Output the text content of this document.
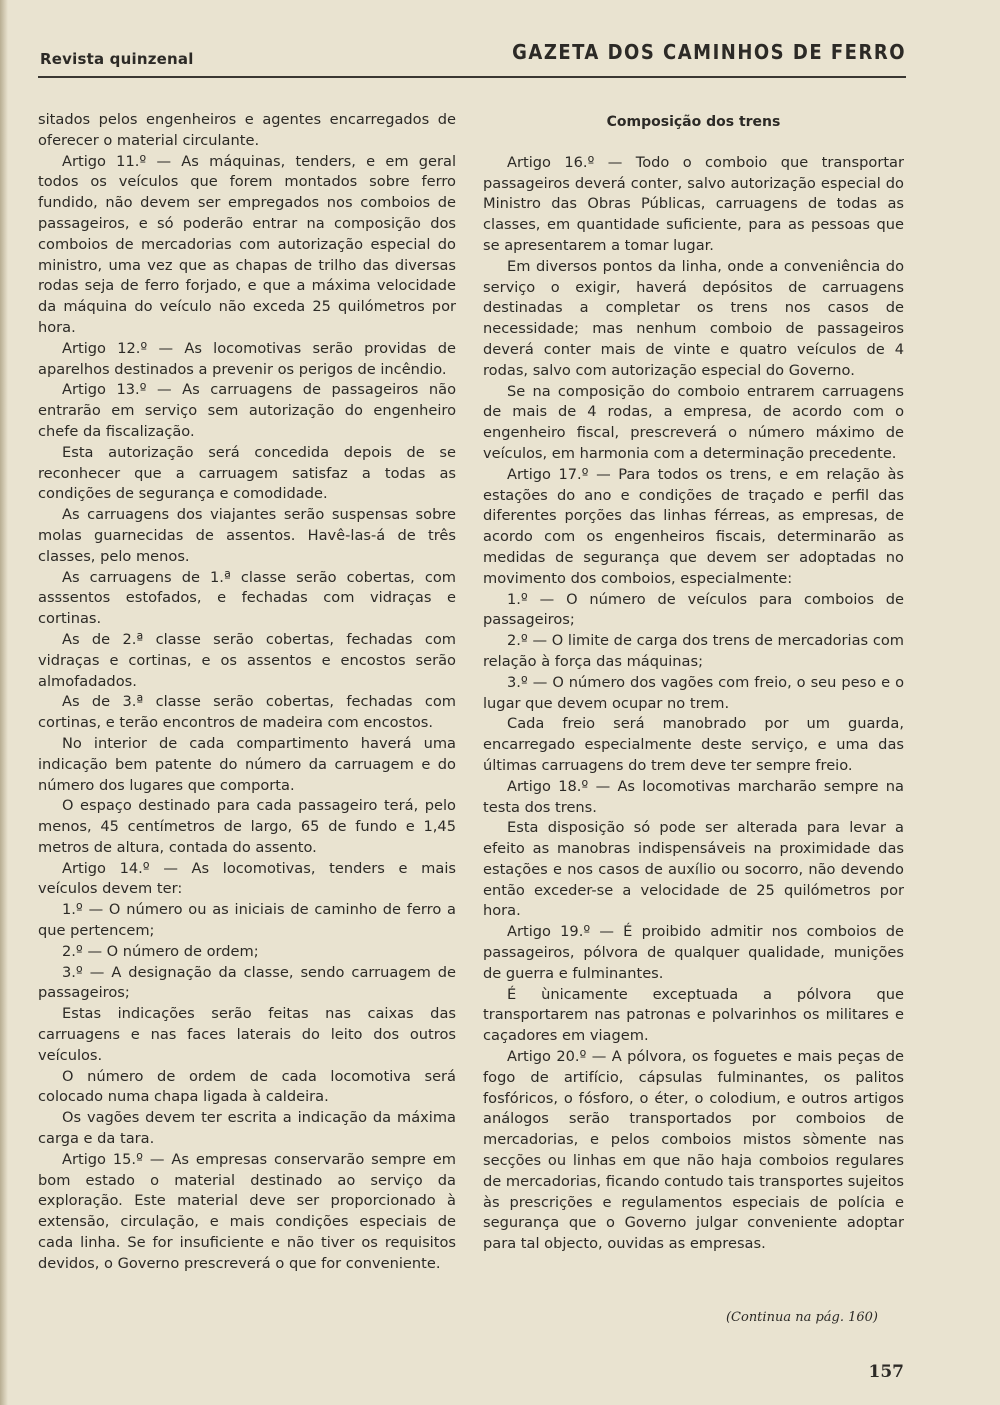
Revista quinzenal	GAZETA DOS CAMINHOS DE FERRO

sitados pelos engenheiros e agentes encarregados de oferecer o material circulante.

Artigo 11.º — As máquinas, tenders, e em geral todos os veículos que forem montados sobre ferro fundido, não devem ser empregados nos comboios de passageiros, e só poderão entrar na composição dos comboios de mercadorias com autorização especial do ministro, uma vez que as chapas de trilho das diversas rodas seja de ferro forjado, e que a máxima velocidade da máquina do veículo não exceda 25 quilómetros por hora.

Artigo 12.º — As locomotivas serão providas de aparelhos destinados a prevenir os perigos de incêndio.

Artigo 13.º — As carruagens de passageiros não entrarão em serviço sem autorização do engenheiro chefe da fiscalização.

Esta autorização será concedida depois de se reconhecer que a carruagem satisfaz a todas as condições de segurança e comodidade.

As carruagens dos viajantes serão suspensas sobre molas guarnecidas de assentos. Havê-las-á de três classes, pelo menos.

As carruagens de 1.ª classe serão cobertas, com asssentos estofados, e fechadas com vidraças e cortinas.

As de 2.ª classe serão cobertas, fechadas com vidraças e cortinas, e os assentos e encostos serão almofadados.

As de 3.ª classe serão cobertas, fechadas com cortinas, e terão encontros de madeira com encostos.

No interior de cada compartimento haverá uma indicação bem patente do número da carruagem e do número dos lugares que comporta.

O espaço destinado para cada passageiro terá, pelo menos, 45 centímetros de largo, 65 de fundo e 1,45 metros de altura, contada do assento.

Artigo 14.º — As locomotivas, tenders e mais veículos devem ter:

1.º — O número ou as iniciais de caminho de ferro a que pertencem;

2.º — O número de ordem;

3.º — A designação da classe, sendo carruagem de passageiros;

Estas indicações serão feitas nas caixas das carruagens e nas faces laterais do leito dos outros veículos.

O número de ordem de cada locomotiva será colocado numa chapa ligada à caldeira.

Os vagões devem ter escrita a indicação da máxima carga e da tara.

Artigo 15.º — As empresas conservarão sempre em bom estado o material destinado ao serviço da exploração. Este material deve ser proporcionado à extensão, circulação, e mais condições especiais de cada linha. Se for insuficiente e não tiver os requisitos devidos, o Governo prescreverá o que for conveniente.

Composição dos trens

Artigo 16.º — Todo o comboio que transportar passageiros deverá conter, salvo autorização especial do Ministro das Obras Públicas, carruagens de todas as classes, em quantidade suficiente, para as pessoas que se apresentarem a tomar lugar.

Em diversos pontos da linha, onde a conveniência do serviço o exigir, haverá depósitos de carruagens destinadas a completar os trens nos casos de necessidade; mas nenhum comboio de passageiros deverá conter mais de vinte e quatro veículos de 4 rodas, salvo com autorização especial do Governo.

Se na composição do comboio entrarem carruagens de mais de 4 rodas, a empresa, de acordo com o engenheiro fiscal, prescreverá o número máximo de veículos, em harmonia com a determinação precedente.

Artigo 17.º — Para todos os trens, e em relação às estações do ano e condições de traçado e perfil das diferentes porções das linhas férreas, as empresas, de acordo com os engenheiros fiscais, determinarão as medidas de segurança que devem ser adoptadas no movimento dos comboios, especialmente:

1.º — O número de veículos para comboios de passageiros;

2.º — O limite de carga dos trens de mercadorias com relação à força das máquinas;

3.º — O número dos vagões com freio, o seu peso e o lugar que devem ocupar no trem.

Cada freio será manobrado por um guarda, encarregado especialmente deste serviço, e uma das últimas carruagens do trem deve ter sempre freio.

Artigo 18.º — As locomotivas marcharão sempre na testa dos trens.

Esta disposição só pode ser alterada para levar a efeito as manobras indispensáveis na proximidade das estações e nos casos de auxílio ou socorro, não devendo então exceder-se a velocidade de 25 quilómetros por hora.

Artigo 19.º — É proibido admitir nos comboios de passageiros, pólvora de qualquer qualidade, munições de guerra e fulminantes.

É ùnicamente exceptuada a pólvora que transportarem nas patronas e polvarinhos os militares e caçadores em viagem.

Artigo 20.º — A pólvora, os foguetes e mais peças de fogo de artifício, cápsulas fulminantes, os palitos fosfóricos, o fósforo, o éter, o colodium, e outros artigos análogos serão transportados por comboios de mercadorias, e pelos comboios mistos sòmente nas secções ou linhas em que não haja comboios regulares de mercadorias, ficando contudo tais transportes sujeitos às prescrições e regulamentos especiais de polícia e segurança que o Governo julgar conveniente adoptar para tal objecto, ouvidas as empresas.

(Continua na pág. 160)
157
